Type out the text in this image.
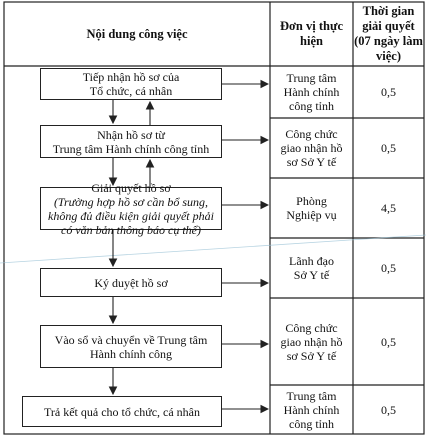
Nội dung công việc
Đơn vị thực
hiện
Thời gian
giải quyết
(07 ngày làm
việc)
Tiếp nhận hồ sơ của
Tổ chức, cá nhân
Nhận hồ sơ từ
Trung tâm Hành chính công tỉnh
Giải quyết hồ sơ
(Trường hợp hồ sơ cần bổ sung,
không đủ điều kiện giải quyết phải
có văn bản thông báo cụ thể)
Ký duyệt hồ sơ
Vào sổ và chuyển về Trung tâm
Hành chính công
Trả kết quả cho tổ chức, cá nhân
Trung tâm
Hành chính
công tỉnh
Công chức
giao nhận hồ
sơ Sở Y tế
Phòng
Nghiệp vụ
Lãnh đạo
Sở Y tế
Công chức
giao nhận hồ
sơ Sở Y tế
Trung tâm
Hành chính
công tỉnh
0,5
0,5
4,5
0,5
0,5
0,5
